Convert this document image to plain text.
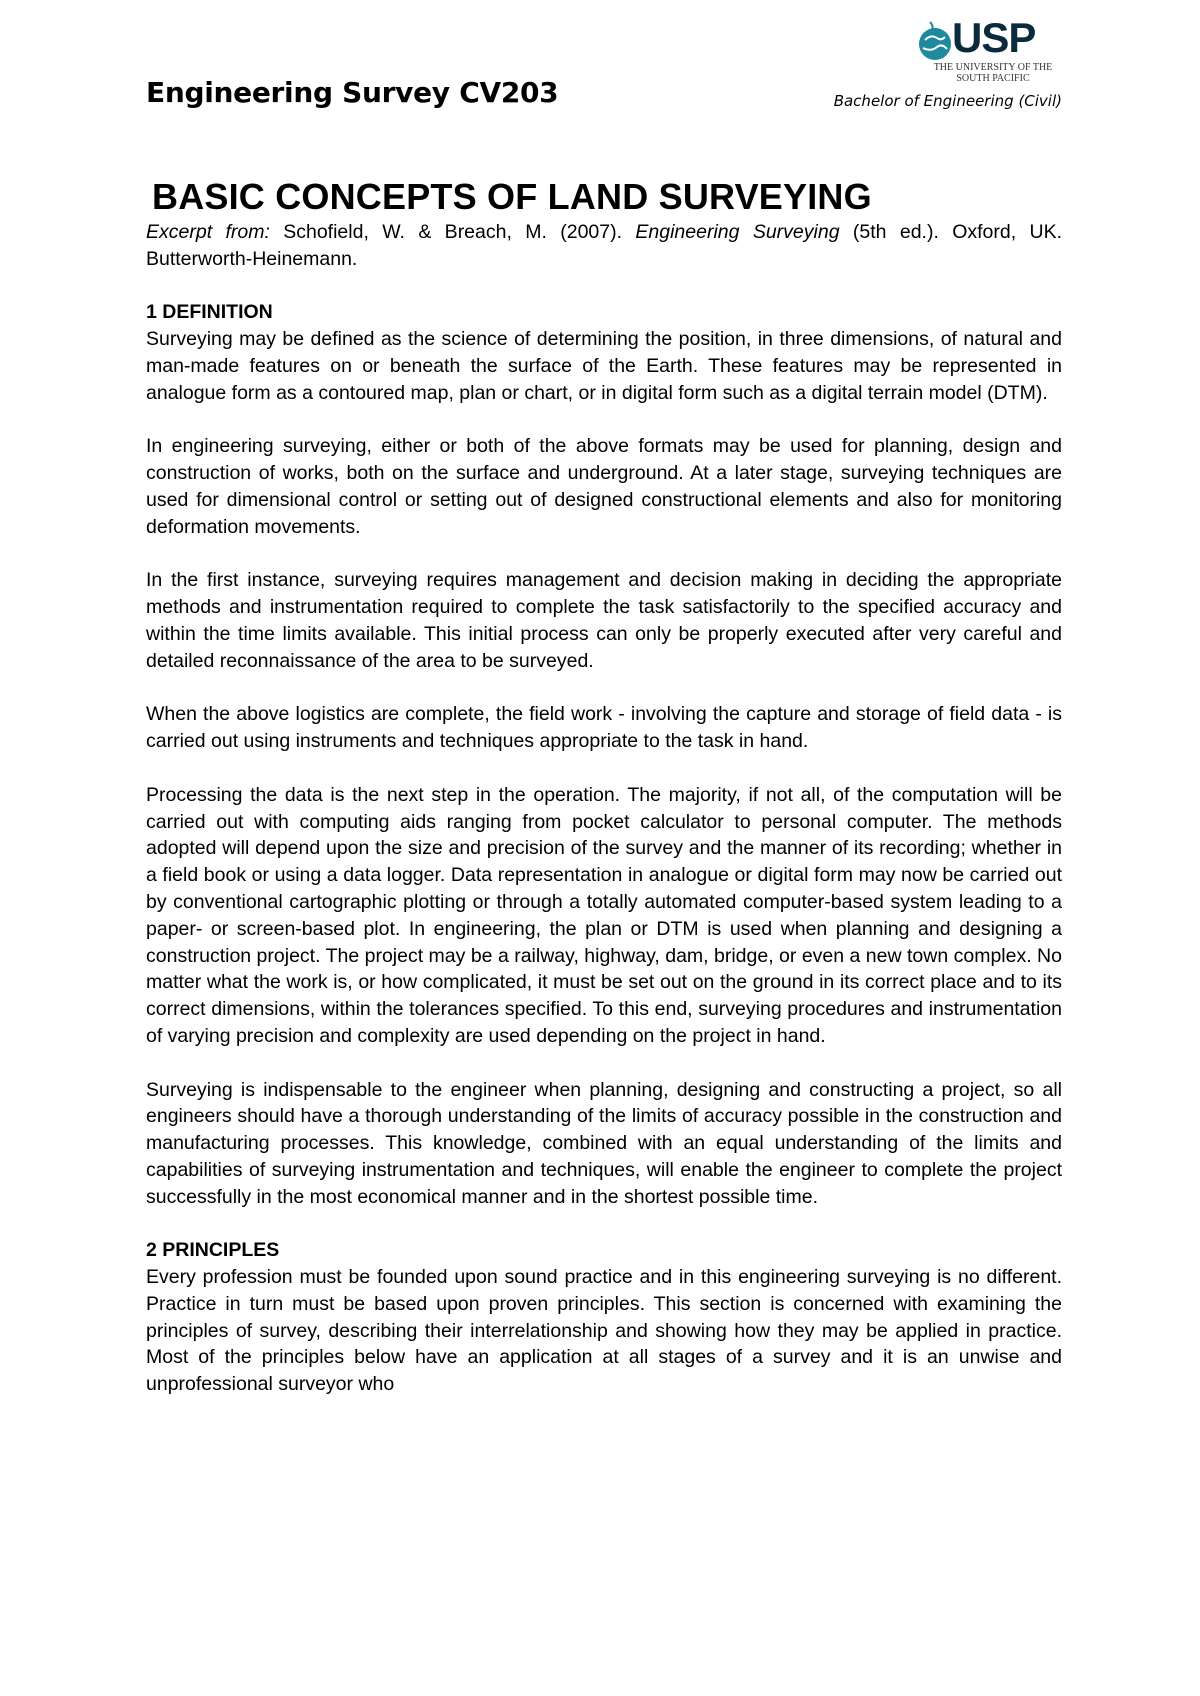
Engineering Survey CV203
USP
THE UNIVERSITY OF THE SOUTH PACIFIC
Bachelor of Engineering (Civil)
BASIC CONCEPTS OF LAND SURVEYING

Excerpt from: Schofield, W. & Breach, M. (2007). Engineering Surveying (5th ed.). Oxford, UK. Butterworth-Heinemann.

1 DEFINITION

Surveying may be defined as the science of determining the position, in three dimensions, of natural and man-made features on or beneath the surface of the Earth. These features may be represented in analogue form as a contoured map, plan or chart, or in digital form such as a digital terrain model (DTM).

In engineering surveying, either or both of the above formats may be used for planning, design and construction of works, both on the surface and underground. At a later stage, surveying techniques are used for dimensional control or setting out of designed constructional elements and also for monitoring deformation movements.

In the first instance, surveying requires management and decision making in deciding the appropriate methods and instrumentation required to complete the task satisfactorily to the specified accuracy and within the time limits available. This initial process can only be properly executed after very careful and detailed reconnaissance of the area to be surveyed.

When the above logistics are complete, the field work - involving the capture and storage of field data - is carried out using instruments and techniques appropriate to the task in hand.

Processing the data is the next step in the operation. The majority, if not all, of the computation will be carried out with computing aids ranging from pocket calculator to personal computer. The methods adopted will depend upon the size and precision of the survey and the manner of its recording; whether in a field book or using a data logger. Data representation in analogue or digital form may now be carried out by conventional cartographic plotting or through a totally automated computer-based system leading to a paper- or screen-based plot. In engineering, the plan or DTM is used when planning and designing a construction project. The project may be a railway, highway, dam, bridge, or even a new town complex. No matter what the work is, or how complicated, it must be set out on the ground in its correct place and to its correct dimensions, within the tolerances specified. To this end, surveying procedures and instrumentation of varying precision and complexity are used depending on the project in hand.

Surveying is indispensable to the engineer when planning, designing and constructing a project, so all engineers should have a thorough understanding of the limits of accuracy possible in the construction and manufacturing processes. This knowledge, combined with an equal understanding of the limits and capabilities of surveying instrumentation and techniques, will enable the engineer to complete the project successfully in the most economical manner and in the shortest possible time.

2 PRINCIPLES

Every profession must be founded upon sound practice and in this engineering surveying is no different. Practice in turn must be based upon proven principles. This section is concerned with examining the principles of survey, describing their interrelationship and showing how they may be applied in practice. Most of the principles below have an application at all stages of a survey and it is an unwise and unprofessional surveyor who
